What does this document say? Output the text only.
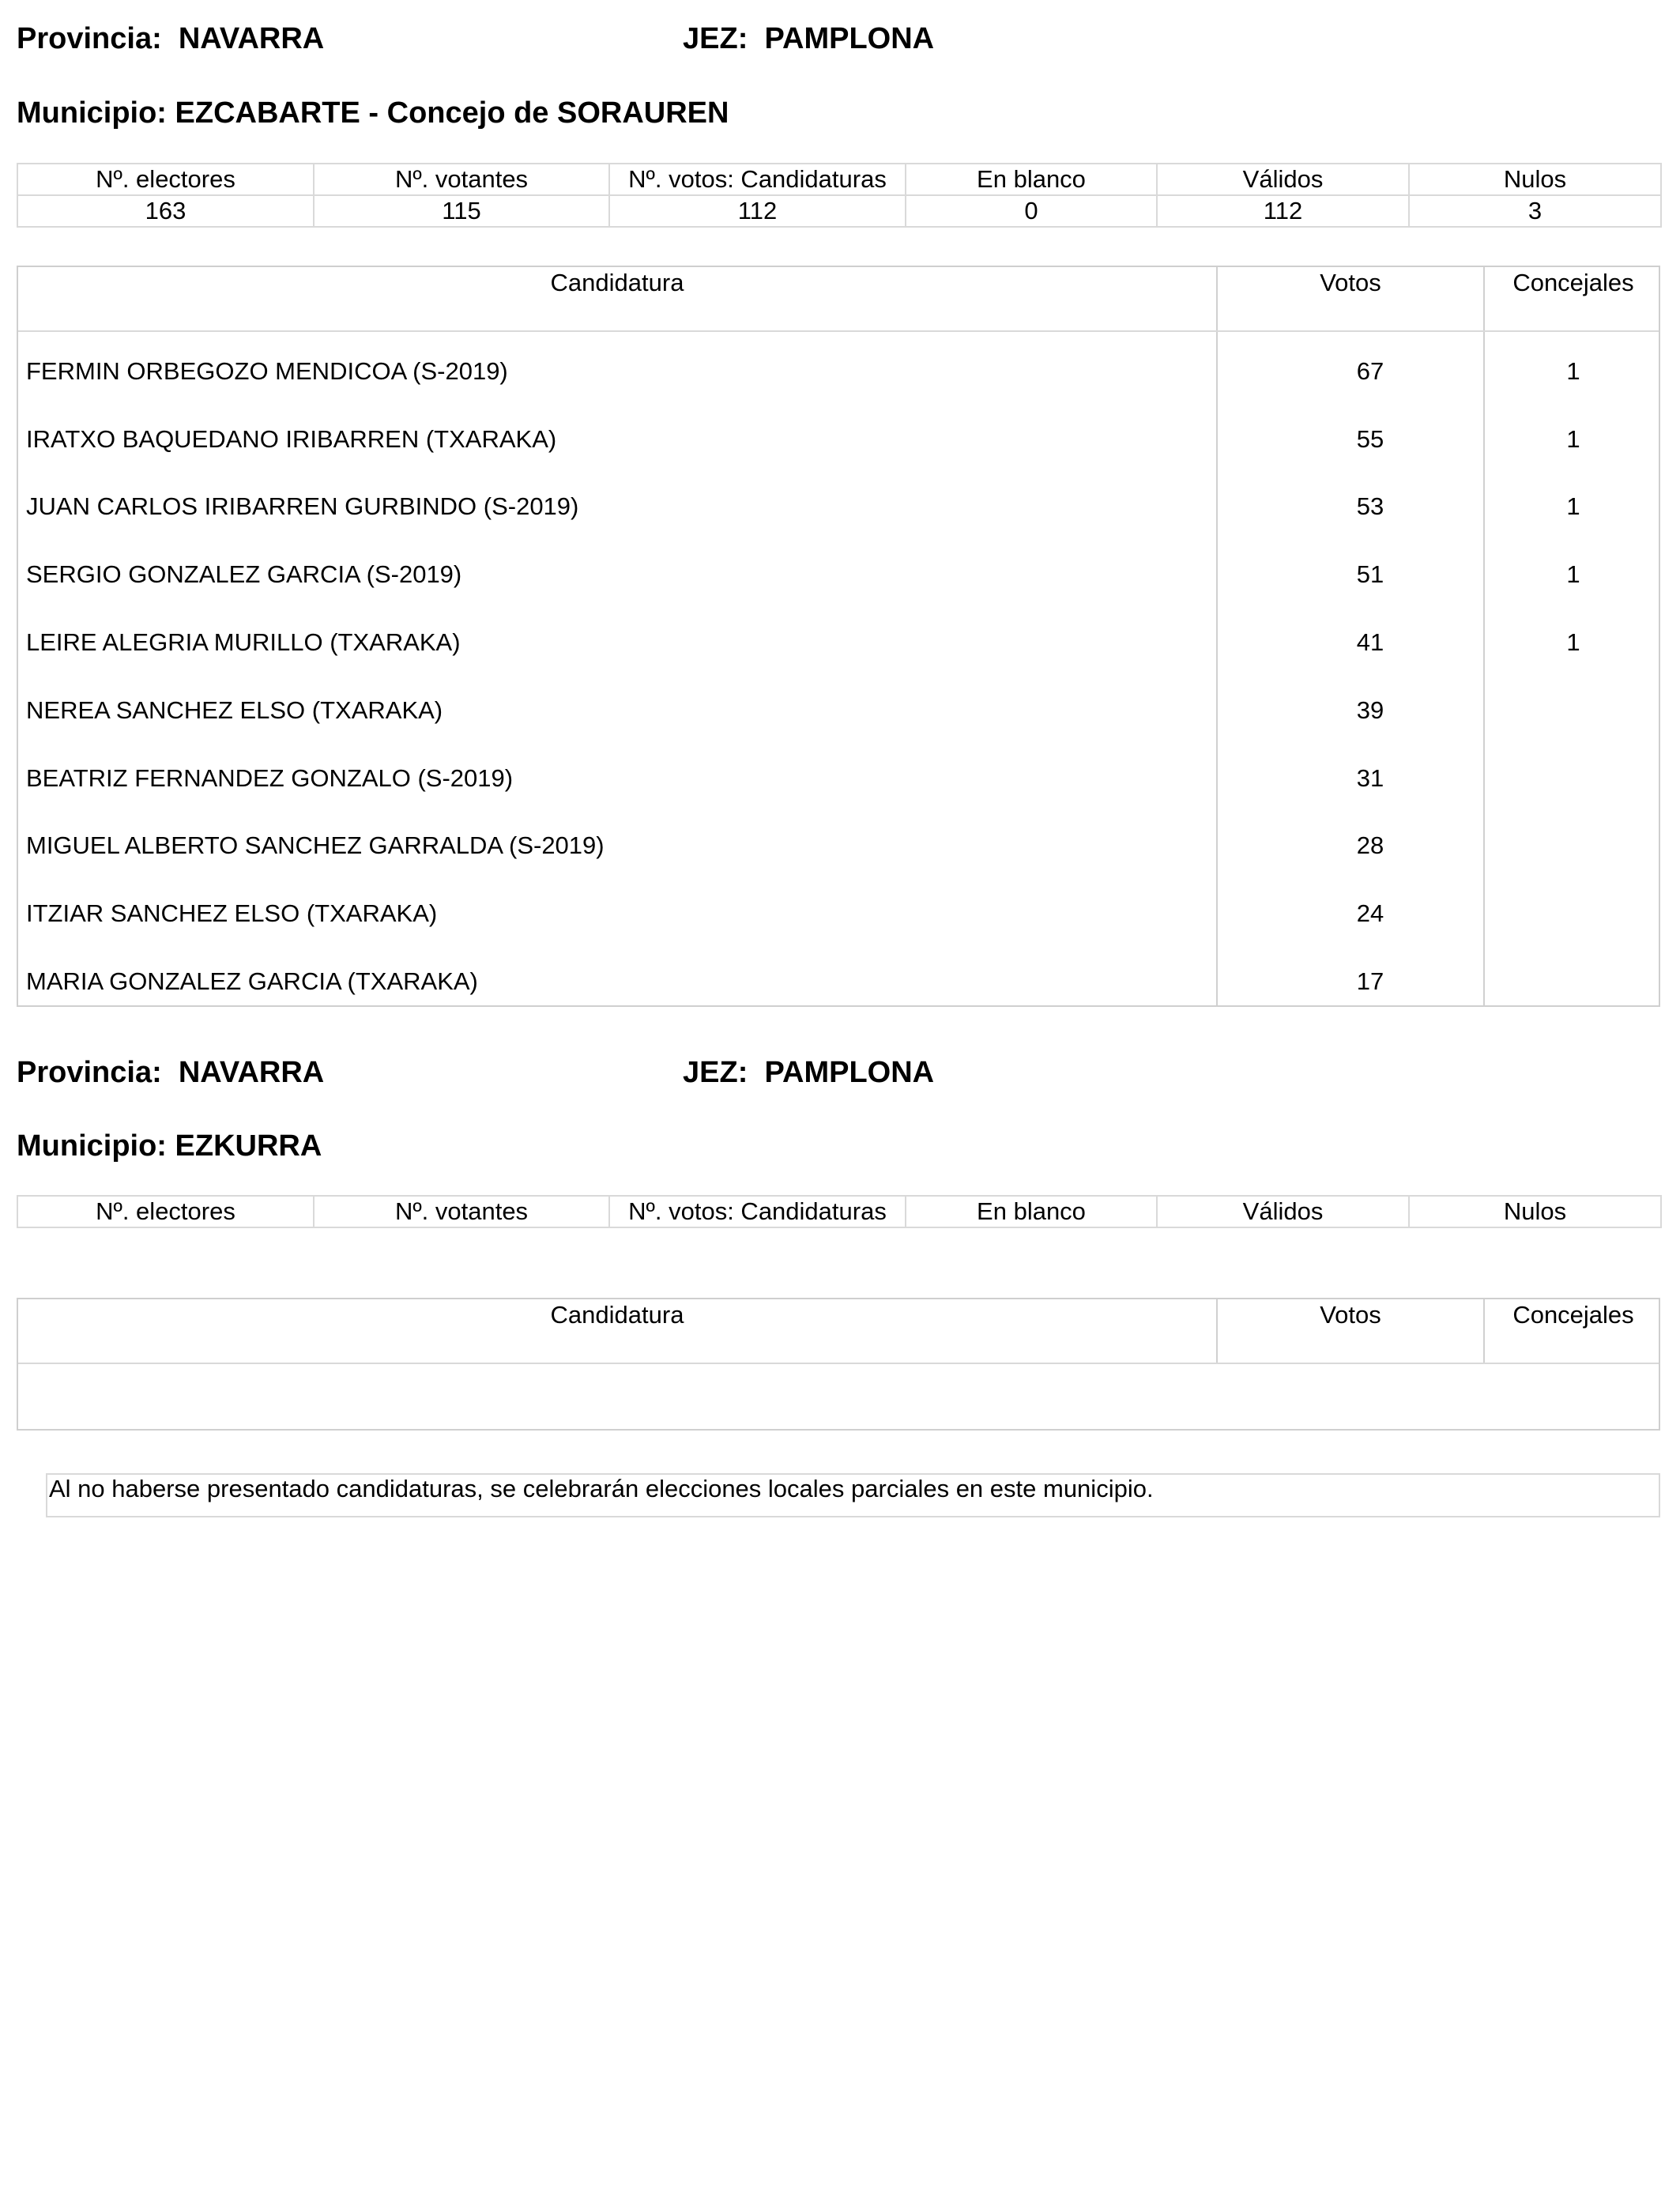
Provincia: NAVARRA	JEZ: PAMPLONA
Municipio: EZCABARTE - Concejo de SORAUREN
Nº. electores	Nº. votantes	Nº. votos: Candidaturas	En blanco	Válidos	Nulos
163	115	112	0	112	3
Candidatura	Votos	Concejales
FERMIN ORBEGOZO MENDICOA (S-2019)	67	1
IRATXO BAQUEDANO IRIBARREN (TXARAKA)	55	1
JUAN CARLOS IRIBARREN GURBINDO (S-2019)	53	1
SERGIO GONZALEZ GARCIA (S-2019)	51	1
LEIRE ALEGRIA MURILLO (TXARAKA)	41	1
NEREA SANCHEZ ELSO (TXARAKA)	39
BEATRIZ FERNANDEZ GONZALO (S-2019)	31
MIGUEL ALBERTO SANCHEZ GARRALDA (S-2019)	28
ITZIAR SANCHEZ ELSO (TXARAKA)	24
MARIA GONZALEZ GARCIA (TXARAKA)	17
Provincia: NAVARRA	JEZ: PAMPLONA
Municipio: EZKURRA
Nº. electores	Nº. votantes	Nº. votos: Candidaturas	En blanco	Válidos	Nulos
Candidatura	Votos	Concejales
Al no haberse presentado candidaturas, se celebrarán elecciones locales parciales en este municipio.
